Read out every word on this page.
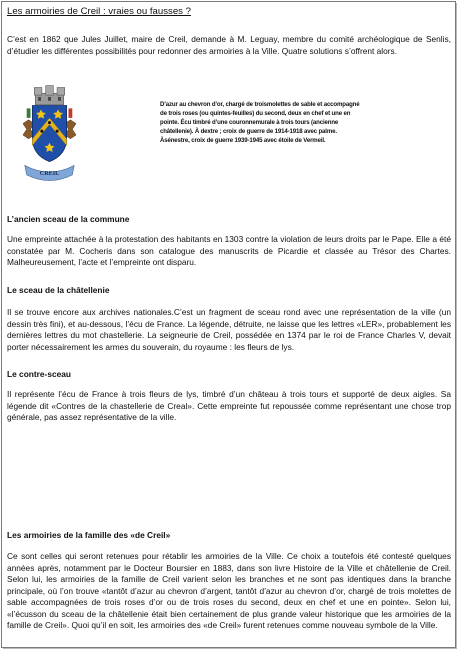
Les armoiries de Creil : vraies ou fausses ?

C’est en 1862 que Jules Juillet, maire de Creil, demande à M. Leguay, membre du comité archéologique de Senlis, d’étudier les différentes possibilités pour redonner des armoiries à la Ville. Quatre solutions s’offrent alors.

CREIL

D’azur au chevron d’or, chargé de troismolettes de sable et accompagné de trois roses (ou quintes-feuilles) du second, deux en chef et une en pointe. Écu timbré d’une couronnemurale à trois tours (ancienne châtellenie). À dextre ; croix de guerre de 1914-1918 avec palme. Àsénestre, croix de guerre 1939-1945 avec étoile de Vermeil.

L’ancien sceau de la commune

Une empreinte attachée à la protestation des habitants en 1303 contre la violation de leurs droits par le Pape. Elle a été constatée par M. Cocheris dans son catalogue des manuscrits de Picardie et classée au Trésor des Chartes. Malheureusement, l’acte et l’empreinte ont disparu.

Le sceau de la châtellenie

Il se trouve encore aux archives nationales.C’est un fragment de sceau rond avec une représentation de la ville (un dessin très fini), et au-dessous, l’écu de France. La légende, détruite, ne laisse que les lettres «LER», probablement les dernières lettres du mot chastellerie. La seigneurie de Creil, possédée en 1374 par le roi de France Charles V, devait porter nécessairement les armes du souverain, du royaume : les fleurs de lys.

Le contre-sceau

Il représente l’écu de France à trois fleurs de lys, timbré d’un château à trois tours et supporté de deux aigles. Sa légende dit «Contres de la chastellerie de Creal». Cette empreinte fut repoussée comme représentant une chose trop générale, pas assez représentative de la ville.

Les armoiries de la famille des «de Creil»

Ce sont celles qui seront retenues pour rétablir les armoiries de la Ville. Ce choix a toutefois été contesté quelques années après, notamment par le Docteur Boursier en 1883, dans son livre Histoire de la Ville et châtellenie de Creil. Selon lui, les armoiries de la famille de Creil varient selon les branches et ne sont pas identiques dans la branche principale, où l’on trouve «tantôt d’azur au chevron d’argent, tantôt d’azur au chevron d’or, chargé de trois molettes de sable accompagnées de trois roses d’or ou de trois roses du second, deux en chef et une en pointe». Selon lui, «l’écusson du sceau de la châtellenie était bien certainement de plus grande valeur historique que les armoiries de la famille de Creil». Quoi qu’il en soit, les armoiries des «de Creil» furent retenues comme nouveau symbole de la Ville.
